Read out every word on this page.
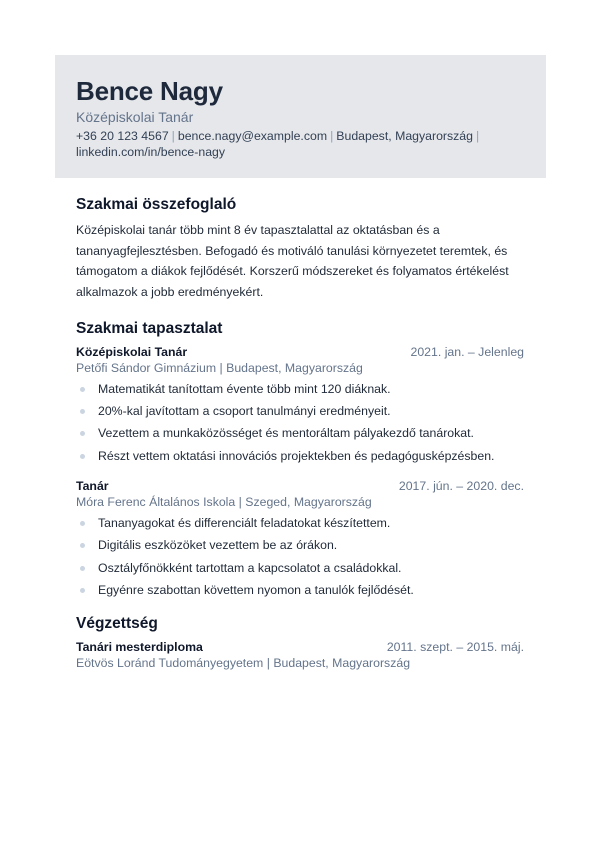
Bence Nagy
Középiskolai Tanár
+36 20 123 4567 | bence.nagy@example.com | Budapest, Magyarország |
linkedin.com/in/bence-nagy
Szakmai összefoglaló

Középiskolai tanár több mint 8 év tapasztalattal az oktatásban és a tananyagfejlesztésben. Befogadó és motiváló tanulási környezetet teremtek, és támogatom a diákok fejlődését. Korszerű módszereket és folyamatos értékelést alkalmazok a jobb eredményekért.

Szakmai tapasztalat
Középiskolai Tanár	2021. jan. – Jelenleg
Petőfi Sándor Gimnázium | Budapest, Magyarország
Matematikát tanítottam évente több mint 120 diáknak.
20%-kal javítottam a csoport tanulmányi eredményeit.
Vezettem a munkaközösséget és mentoráltam pályakezdő tanárokat.
Részt vettem oktatási innovációs projektekben és pedagógusképzésben.
Tanár	2017. jún. – 2020. dec.
Móra Ferenc Általános Iskola | Szeged, Magyarország
Tananyagokat és differenciált feladatokat készítettem.
Digitális eszközöket vezettem be az órákon.
Osztályfőnökként tartottam a kapcsolatot a családokkal.
Egyénre szabottan követtem nyomon a tanulók fejlődését.
Végzettség
Tanári mesterdiploma	2011. szept. – 2015. máj.
Eötvös Loránd Tudományegyetem | Budapest, Magyarország
